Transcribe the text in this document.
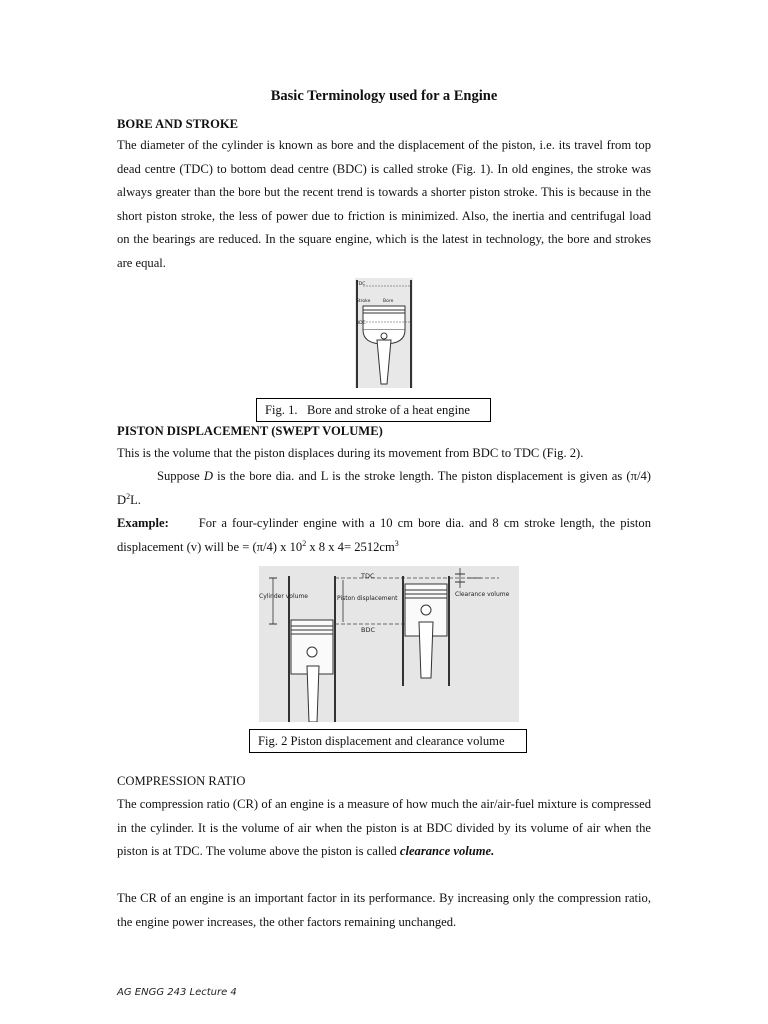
Basic Terminology used for a Engine
BORE AND STROKE
The diameter of the cylinder is known as bore and the displacement of the piston, i.e. its travel from top dead centre (TDC) to bottom dead centre (BDC) is called stroke (Fig. 1). In old engines, the stroke was always greater than the bore but the recent trend is towards a shorter piston stroke. This is because in the short piston stroke, the less of power due to friction is minimized. Also, the inertia and centrifugal load on the bearings are reduced. In the square engine, which is the latest in technology, the bore and strokes are equal.
TDC
Stroke	Bore
BDC
Fig. 1. Bore and stroke of a heat engine
PISTON DISPLACEMENT (SWEPT VOLUME)
This is the volume that the piston displaces during its movement from BDC to TDC (Fig. 2).
Suppose D is the bore dia. and L is the stroke length. The piston displacement is given as (π/4) $D^2L$.
Example: For a four-cylinder engine with a 10 cm bore dia. and 8 cm stroke length, the piston displacement (v) will be = (π/4) x $10^2$ x 8 x $4= 2512cm^3$
TDC
BDC
Cylinder volume	Piston displacement
Clearance volume
Fig. 2 Piston displacement and clearance volume
COMPRESSION RATIO
The compression ratio (CR) of an engine is a measure of how much the air/air-fuel mixture is compressed in the cylinder. It is the volume of air when the piston is at BDC divided by its volume of air when the piston is at TDC. The volume above the piston is called clearance volume.
The CR of an engine is an important factor in its performance. By increasing only the compression ratio, the engine power increases, the other factors remaining unchanged.
AG ENGG 243 Lecture 4
